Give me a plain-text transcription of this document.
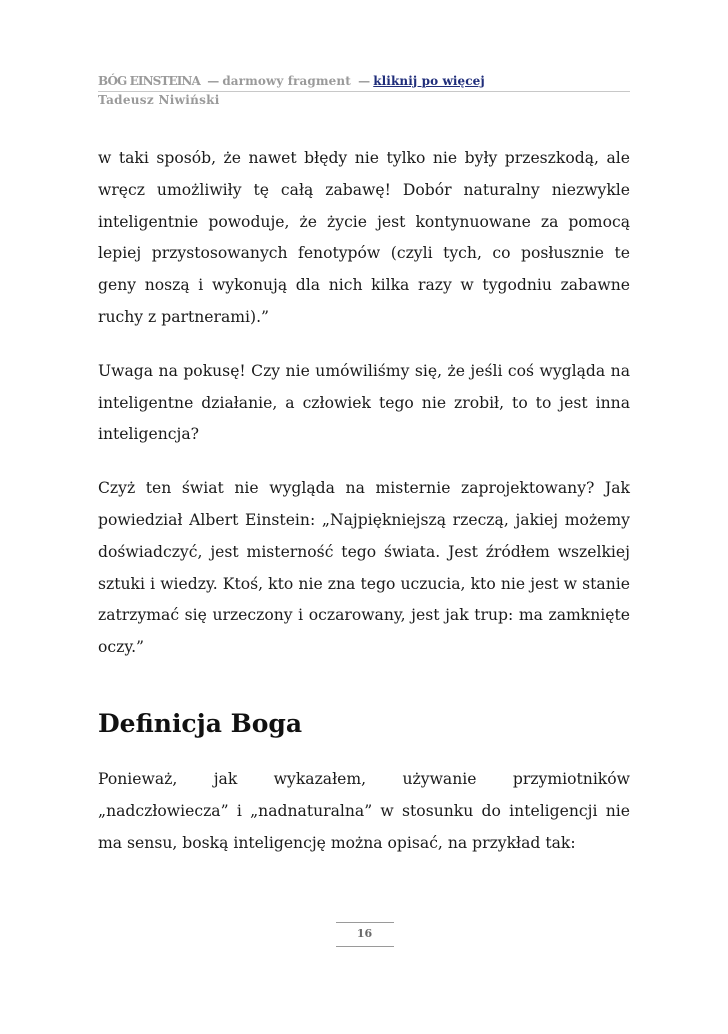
BÓG EINSTEINA — darmowy fragment — kliknij po więcej
Tadeusz Niwiński

w taki sposób, że nawet błędy nie tylko nie były przeszkodą, ale wręcz umożliwiły tę całą zabawę! Dobór naturalny niezwykle inteligentnie powoduje, że życie jest kontynuowane za pomocą lepiej przystosowanych fenotypów (czyli tych, co posłusznie te geny noszą i wykonują dla nich kilka razy w tygodniu zabawne ruchy z partnerami).”

Uwaga na pokusę! Czy nie umówiliśmy się, że jeśli coś wygląda na inteligentne działanie, a człowiek tego nie zrobił, to to jest inna inteligencja?

Czyż ten świat nie wygląda na misternie zaprojektowany? Jak powiedział Albert Einstein: „Najpiękniejszą rzeczą, jakiej możemy doświadczyć, jest misterność tego świata. Jest źródłem wszelkiej sztuki i wiedzy. Ktoś, kto nie zna tego uczucia, kto nie jest w stanie zatrzymać się urzeczony i oczarowany, jest jak trup: ma zamknięte oczy.”

Definicja Boga

Ponieważ, jak wykazałem, używanie przymiotników „nadczłowiecza” i „nadnaturalna” w stosunku do inteligencji nie ma sensu, boską inteligencję można opisać, na przykład tak:

16
